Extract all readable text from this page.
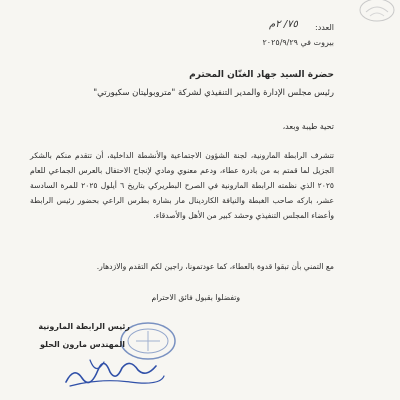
العدد:
٧٥/ ٢م
بيروت في ٢٠٢٥/٩/٢٩
حضرة السيد جهاد الغنّان المحترم
رئيس مجلس الإدارة والمدير التنفيذي لشركة "متروبوليتان سكيورتي"
تحية طيبة وبعد،
تتشرف الرابطة المارونية، لجنة الشؤون الاجتماعية والأنشطة الداخلية، أن تتقدم منكم بالشكر الجزيل لما قمتم به من بادرة عطاء، ودعم معنوي ومادي لإنجاح الاحتفال بالعرس الجماعي للعام ٢٠٢٥ الذي نظمته الرابطة المارونية في الصرح البطريركي بتاريخ ٦ أيلول ٢٠٢٥ للمرة السادسة عشر، باركه صاحب الغبطة والنيافة الكاردينال مار بشارة بطرس الراعي بحضور رئيس الرابطة وأعضاء المجلس التنفيذي وحشد كبير من الأهل والأصدقاء.
مع التمني بأن تبقوا قدوة بالعطاء، كما عودتمونا، راجين لكم التقدم والازدهار.
وتفضلوا بقبول فائق الاحترام
رئيس الرابطة المارونية
المهندس مارون الحلو
